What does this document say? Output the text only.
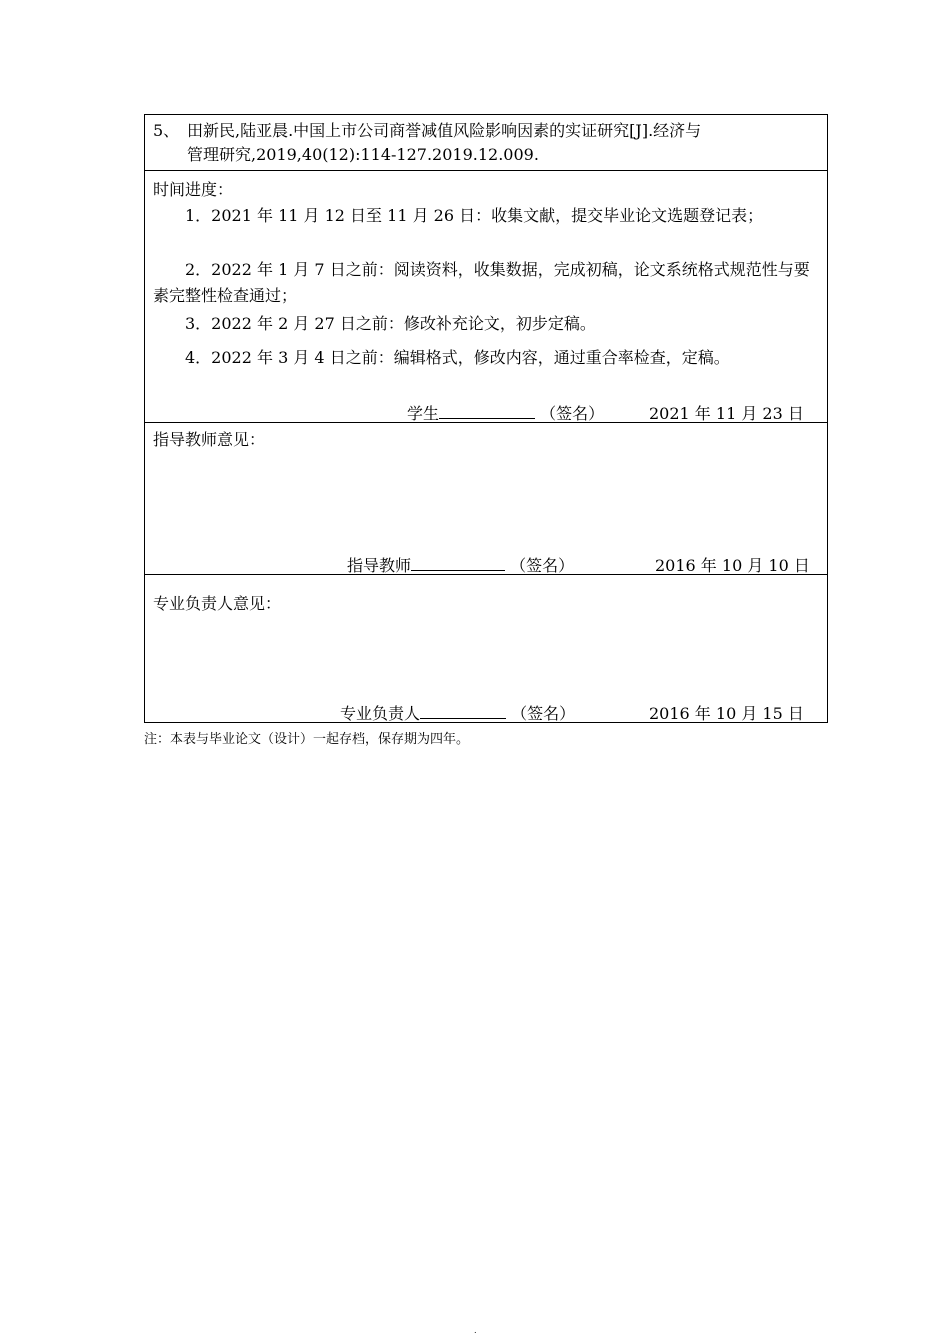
5、 田新民,陆亚晨.中国上市公司商誉减值风险影响因素的实证研究[J].经济与
管理研究,2019,40(12):114-127.2019.12.009.
时间进度：
1．2021 年 11 月 12 日至 11 月 26 日：收集文献，提交毕业论文选题登记表；
2．2022 年 1 月 7 日之前：阅读资料，收集数据，完成初稿，论文系统格式规范性与要素完整性检查通过；
3．2022 年 2 月 27 日之前：修改补充论文，初步定稿。
4．2022 年 3 月 4 日之前：编辑格式，修改内容，通过重合率检查，定稿。
学生	（签名）	2021 年 11 月 23 日
指导教师意见：
指导教师	（签名）	2016 年 10 月 10 日
专业负责人意见：
专业负责人	（签名）	2016 年 10 月 15 日
注：本表与毕业论文（设计）一起存档，保存期为四年。
.
